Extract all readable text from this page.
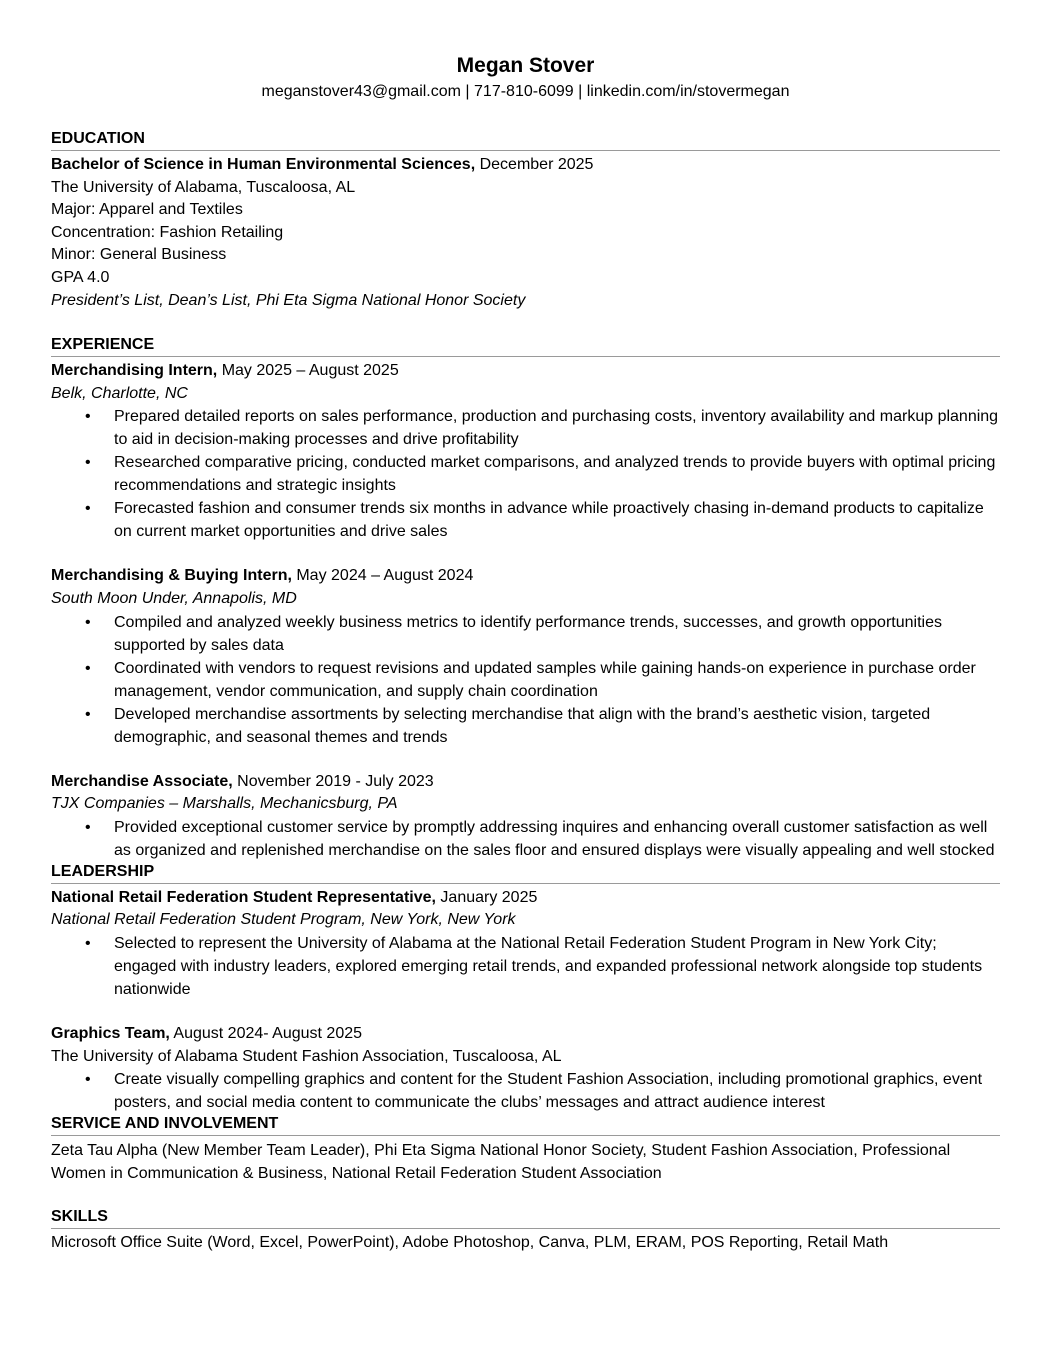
Megan Stover
meganstover43@gmail.com | 717-810-6099 | linkedin.com/in/stovermegan
EDUCATION
Bachelor of Science in Human Environmental Sciences, December 2025
The University of Alabama, Tuscaloosa, AL
Major: Apparel and Textiles
Concentration: Fashion Retailing
Minor: General Business
GPA 4.0
President’s List, Dean’s List, Phi Eta Sigma National Honor Society
EXPERIENCE
Merchandising Intern, May 2025 – August 2025
Belk, Charlotte, NC
• Prepared detailed reports on sales performance, production and purchasing costs, inventory availability and markup planning to aid in decision-making processes and drive profitability
• Researched comparative pricing, conducted market comparisons, and analyzed trends to provide buyers with optimal pricing recommendations and strategic insights
• Forecasted fashion and consumer trends six months in advance while proactively chasing in-demand products to capitalize on current market opportunities and drive sales
Merchandising & Buying Intern, May 2024 – August 2024
South Moon Under, Annapolis, MD
• Compiled and analyzed weekly business metrics to identify performance trends, successes, and growth opportunities supported by sales data
• Coordinated with vendors to request revisions and updated samples while gaining hands-on experience in purchase order management, vendor communication, and supply chain coordination
• Developed merchandise assortments by selecting merchandise that align with the brand’s aesthetic vision, targeted demographic, and seasonal themes and trends
Merchandise Associate, November 2019 - July 2023
TJX Companies – Marshalls, Mechanicsburg, PA
• Provided exceptional customer service by promptly addressing inquires and enhancing overall customer satisfaction as well as organized and replenished merchandise on the sales floor and ensured displays were visually appealing and well stocked
LEADERSHIP
National Retail Federation Student Representative, January 2025
National Retail Federation Student Program, New York, New York
• Selected to represent the University of Alabama at the National Retail Federation Student Program in New York City; engaged with industry leaders, explored emerging retail trends, and expanded professional network alongside top students nationwide
Graphics Team, August 2024- August 2025
The University of Alabama Student Fashion Association, Tuscaloosa, AL
• Create visually compelling graphics and content for the Student Fashion Association, including promotional graphics, event posters, and social media content to communicate the clubs’ messages and attract audience interest
SERVICE AND INVOLVEMENT
Zeta Tau Alpha (New Member Team Leader), Phi Eta Sigma National Honor Society, Student Fashion Association, Professional Women in Communication & Business, National Retail Federation Student Association
SKILLS
Microsoft Office Suite (Word, Excel, PowerPoint), Adobe Photoshop, Canva, PLM, ERAM, POS Reporting, Retail Math
